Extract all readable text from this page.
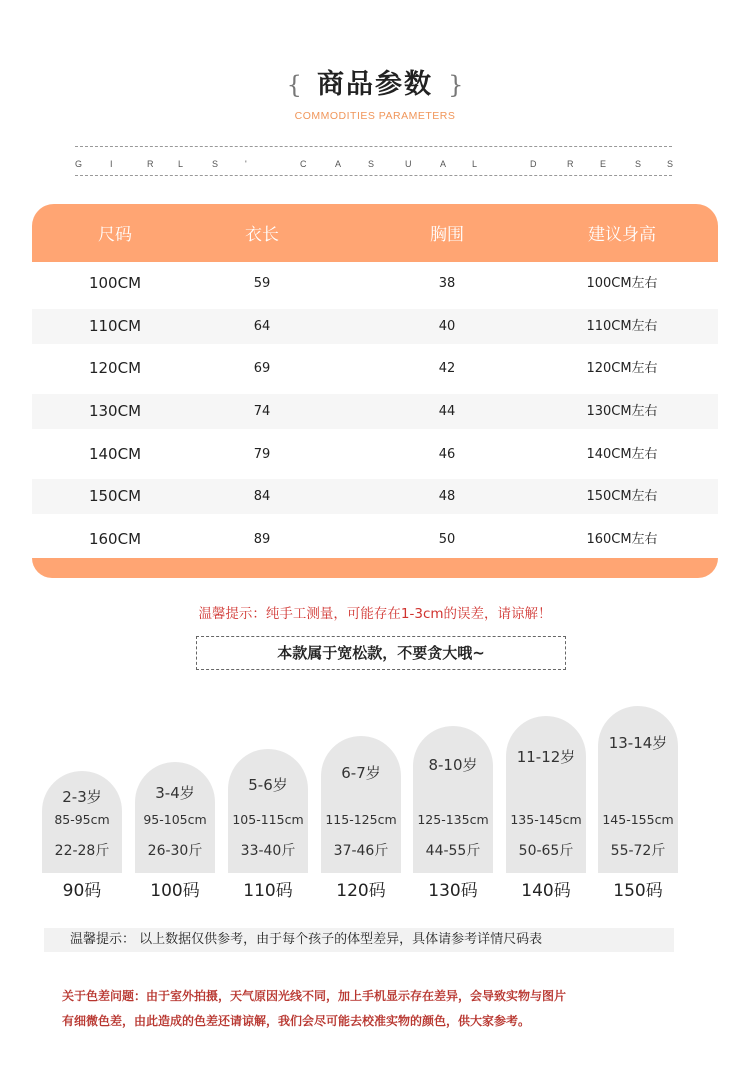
{ 商品参数 }
COMMODITIES PARAMETERS
G	I	R	L	S	'	C	A	S	U	A	L	D	R	E	S	S
尺码	衣长	胸围	建议身高
100CM	59	38	100CM左右
110CM	64	40	110CM左右
120CM	69	42	120CM左右
130CM	74	44	130CM左右
140CM	79	46	140CM左右
150CM	84	48	150CM左右
160CM	89	50	160CM左右
温馨提示：纯手工测量，可能存在1-3cm的误差，请谅解！
本款属于宽松款，不要贪大哦~
2-3岁
85-95cm
22-28斤
90码
3-4岁
95-105cm
26-30斤
100码
5-6岁
105-115cm
33-40斤
110码
6-7岁
115-125cm
37-46斤
120码
8-10岁
125-135cm
44-55斤
130码
11-12岁
135-145cm
50-65斤
140码
13-14岁
145-155cm
55-72斤
150码
温馨提示： 以上数据仅供参考，由于每个孩子的体型差异，具体请参考详情尺码表
关于色差问题：由于室外拍摄，天气原因光线不同，加上手机显示存在差异，会导致实物与图片
有细微色差，由此造成的色差还请谅解，我们会尽可能去校准实物的颜色，供大家参考。
